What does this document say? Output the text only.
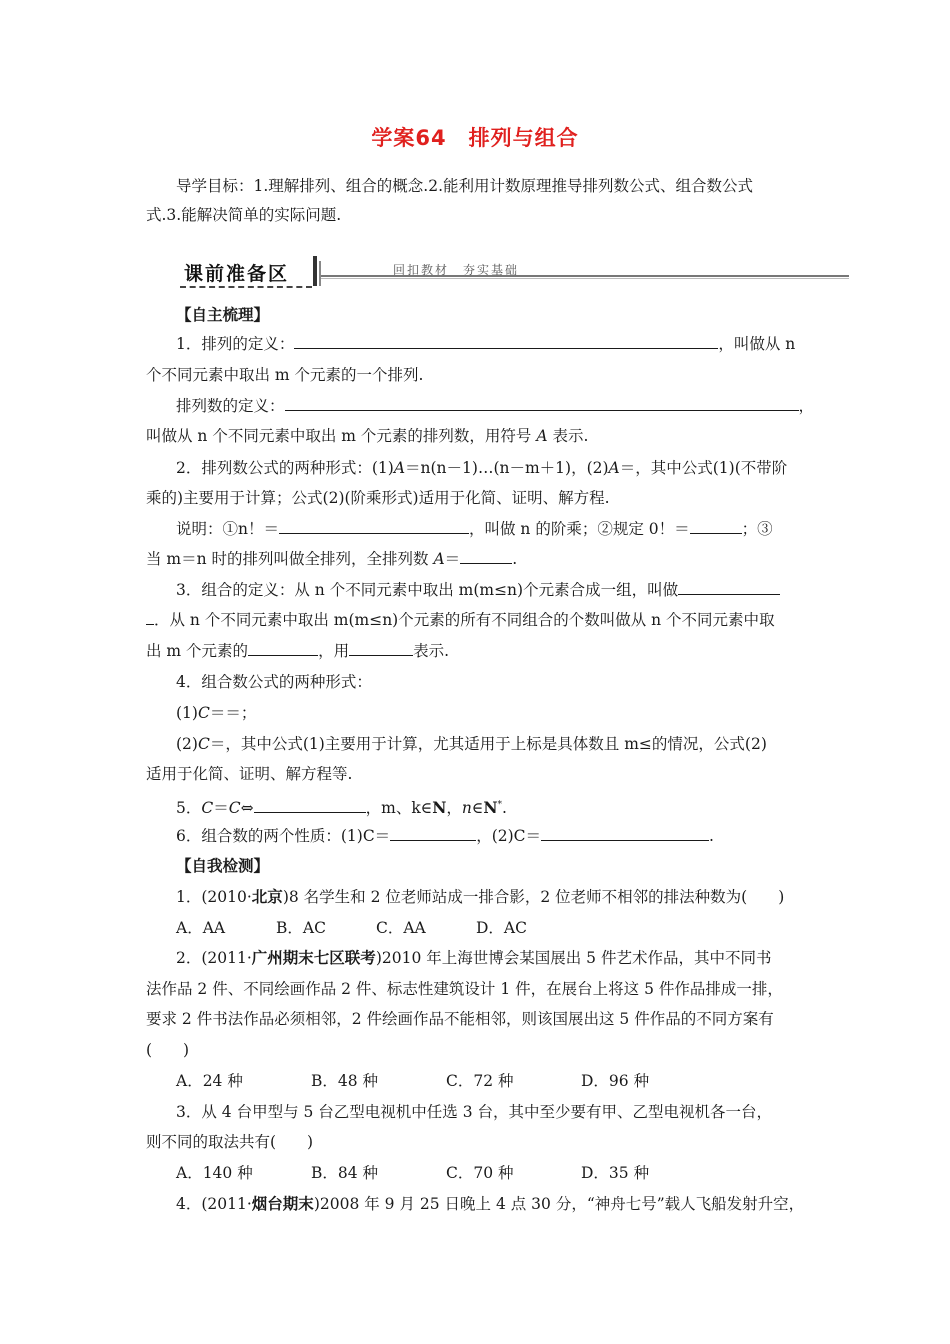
学案64　排列与组合
导学目标：1.理解排列、组合的概念.2.能利用计数原理推导排列数公式、组合数公式
式.3.能解决简单的实际问题.
课前准备区	回扣教材　夯实基础
【自主梳理】
1．排列的定义：	，叫做从 n
个不同元素中取出 m 个元素的一个排列.
排列数的定义：	，
叫做从 n 个不同元素中取出 m 个元素的排列数，用符号 A 表示.
2．排列数公式的两种形式：(1)A＝n(n－1)…(n－m＋1)，(2)A＝，其中公式(1)(不带阶
乘的)主要用于计算；公式(2)(阶乘形式)适用于化简、证明、解方程.
说明：①n！＝	，叫做 n 的阶乘；②规定 0！＝	；③
当 m＝n 时的排列叫做全排列，全排列数 A＝	.
3．组合的定义：从 n 个不同元素中取出 m(m≤n)个元素合成一组，叫做
．从 n 个不同元素中取出 m(m≤n)个元素的所有不同组合的个数叫做从 n 个不同元素中取
出 m 个元素的	，用	表示.
4．组合数公式的两种形式：
(1)C＝＝；
(2)C＝，其中公式(1)主要用于计算，尤其适用于上标是具体数且 m≤的情况，公式(2)
适用于化简、证明、解方程等.
5．C＝C⇔	，m、k∈N，n∈N*.
6．组合数的两个性质：(1)C＝	，(2)C＝	.
【自我检测】
1．(2010·北京)8 名学生和 2 位老师站成一排合影，2 位老师不相邻的排法种数为(　　)
A．AA	B．AC	C．AA	D．AC
2．(2011·广州期末七区联考)2010 年上海世博会某国展出 5 件艺术作品，其中不同书
法作品 2 件、不同绘画作品 2 件、标志性建筑设计 1 件，在展台上将这 5 件作品排成一排，
要求 2 件书法作品必须相邻，2 件绘画作品不能相邻，则该国展出这 5 件作品的不同方案有
(　　)
A．24 种	B．48 种	C．72 种	D．96 种
3．从 4 台甲型与 5 台乙型电视机中任选 3 台，其中至少要有甲、乙型电视机各一台，
则不同的取法共有(　　)
A．140 种	B．84 种	C．70 种	D．35 种
4．(2011·烟台期末)2008 年 9 月 25 日晚上 4 点 30 分，“神舟七号”载人飞船发射升空，
